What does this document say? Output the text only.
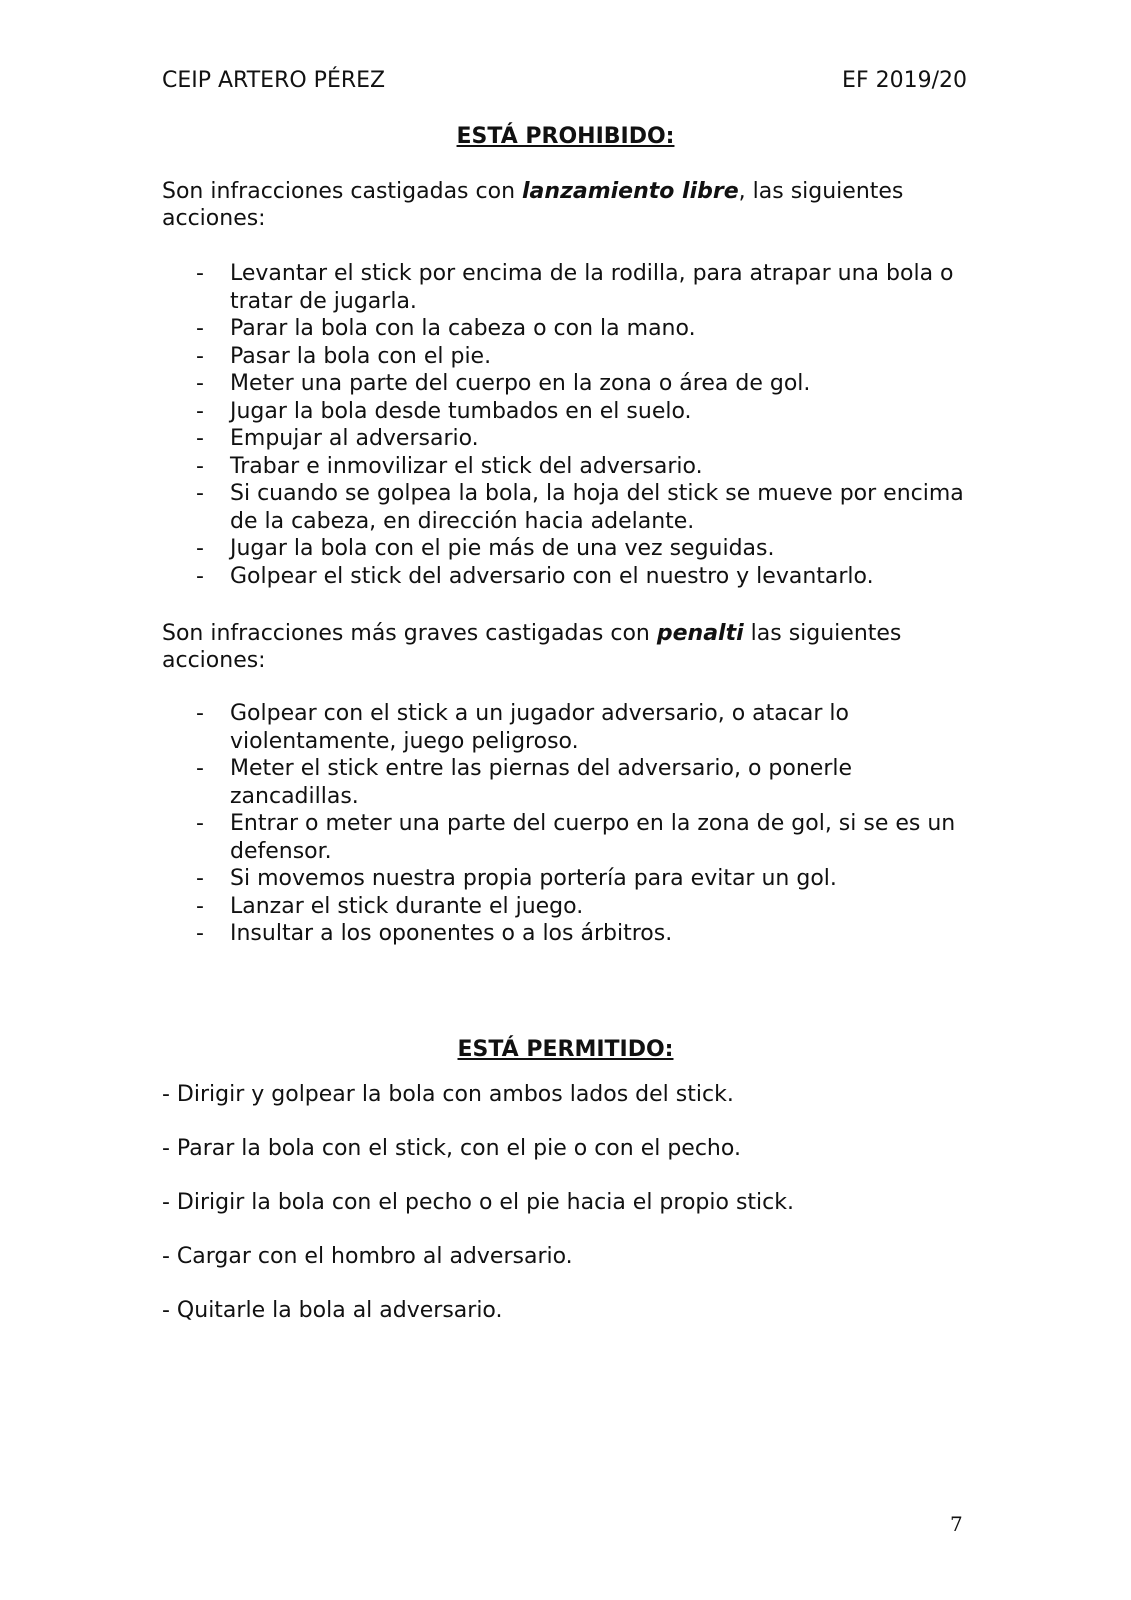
CEIP ARTERO PÉREZ	EF 2019/20
ESTÁ PROHIBIDO:

Son infracciones castigadas con lanzamiento libre, las siguientes acciones:

- Levantar el stick por encima de la rodilla, para atrapar una bola o tratar de jugarla.
- Parar la bola con la cabeza o con la mano.
- Pasar la bola con el pie.
- Meter una parte del cuerpo en la zona o área de gol.
- Jugar la bola desde tumbados en el suelo.
- Empujar al adversario.
- Trabar e inmovilizar el stick del adversario.
- Si cuando se golpea la bola, la hoja del stick se mueve por encima de la cabeza, en dirección hacia adelante.
- Jugar la bola con el pie más de una vez seguidas.
- Golpear el stick del adversario con el nuestro y levantarlo.

Son infracciones más graves castigadas con penalti las siguientes acciones:

- Golpear con el stick a un jugador adversario, o atacar lo violentamente, juego peligroso.
- Meter el stick entre las piernas del adversario, o ponerle zancadillas.
- Entrar o meter una parte del cuerpo en la zona de gol, si se es un defensor.
- Si movemos nuestra propia portería para evitar un gol.
- Lanzar el stick durante el juego.
- Insultar a los oponentes o a los árbitros.
ESTÁ PERMITIDO:
- Dirigir y golpear la bola con ambos lados del stick.
- Parar la bola con el stick, con el pie o con el pecho.
- Dirigir la bola con el pecho o el pie hacia el propio stick.
- Cargar con el hombro al adversario.
- Quitarle la bola al adversario.
7
